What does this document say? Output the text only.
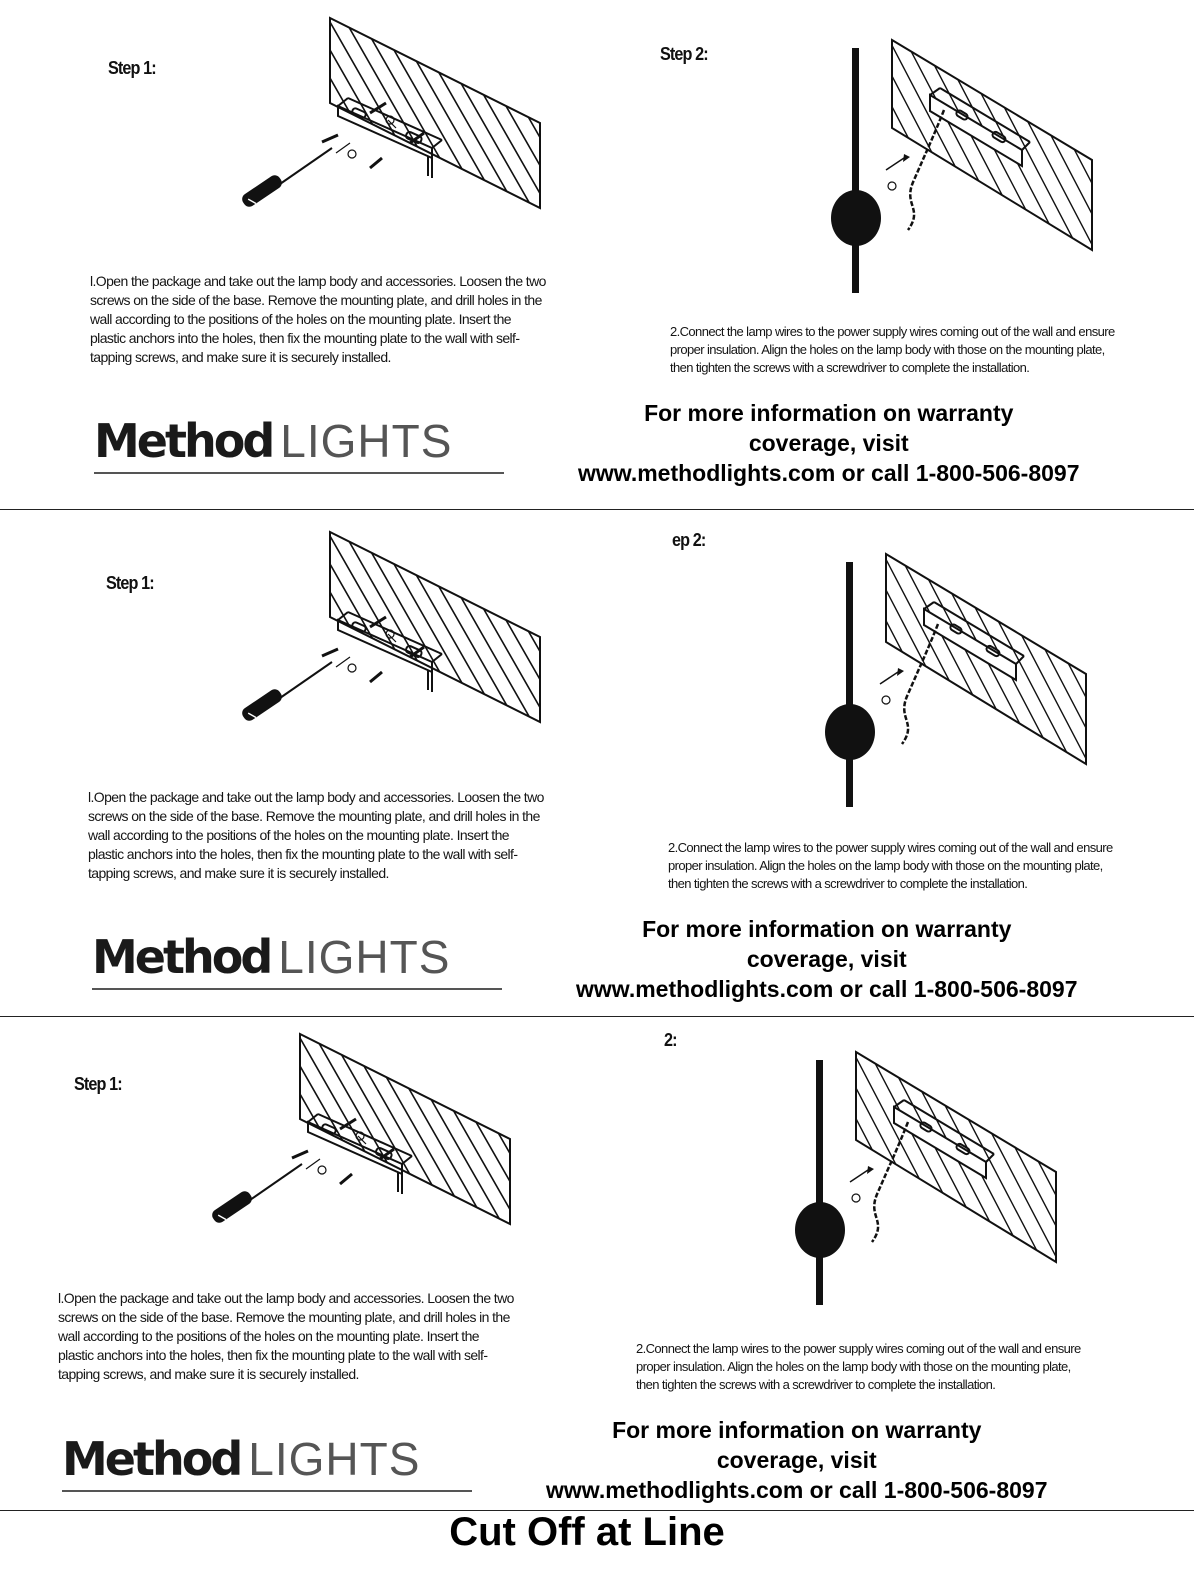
Step 1:

l.Open the package and take out the lamp body and accessories. Loosen the two
screws on the side of the base. Remove the mounting plate, and drill holes in the
wall according to the positions of the holes on the mounting plate. Insert the
plastic anchors into the holes, then fix the mounting plate to the wall with self-
tapping screws, and make sure it is securely installed.

Method LIGHTS
Step 2:

2.Connect the lamp wires to the power supply wires coming out of the wall and ensure
proper insulation. Align the holes on the lamp body with those on the mounting plate,
then tighten the screws with a screwdriver to complete the installation.

For more information on warranty
coverage, visit
www.methodlights.com or call 1-800-506-8097
Step 1:

l.Open the package and take out the lamp body and accessories. Loosen the two
screws on the side of the base. Remove the mounting plate, and drill holes in the
wall according to the positions of the holes on the mounting plate. Insert the
plastic anchors into the holes, then fix the mounting plate to the wall with self-
tapping screws, and make sure it is securely installed.

Method LIGHTS
ep 2:

2.Connect the lamp wires to the power supply wires coming out of the wall and ensure
proper insulation. Align the holes on the lamp body with those on the mounting plate,
then tighten the screws with a screwdriver to complete the installation.

For more information on warranty
coverage, visit
www.methodlights.com or call 1-800-506-8097
Step 1:

l.Open the package and take out the lamp body and accessories. Loosen the two
screws on the side of the base. Remove the mounting plate, and drill holes in the
wall according to the positions of the holes on the mounting plate. Insert the
plastic anchors into the holes, then fix the mounting plate to the wall with self-
tapping screws, and make sure it is securely installed.

Method LIGHTS
2:

2.Connect the lamp wires to the power supply wires coming out of the wall and ensure
proper insulation. Align the holes on the lamp body with those on the mounting plate,
then tighten the screws with a screwdriver to complete the installation.

For more information on warranty
coverage, visit
www.methodlights.com or call 1-800-506-8097
Cut Off at Line
